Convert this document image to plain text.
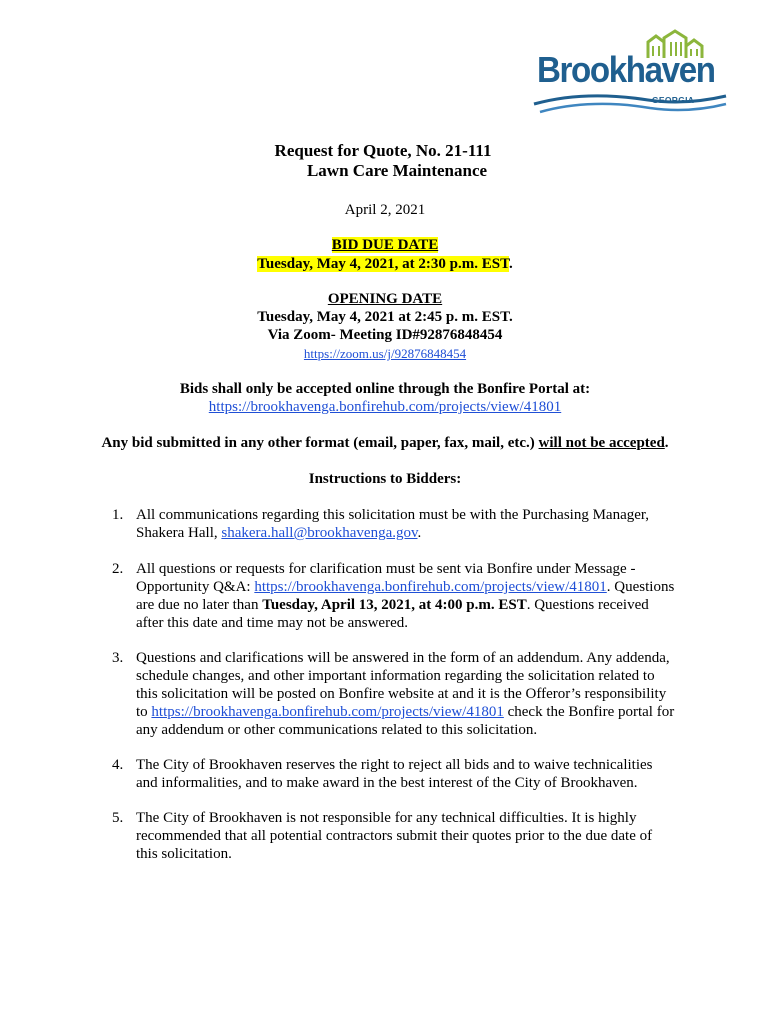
Brookhaven
GEORGIA
Request for Quote, No. 21-111
Lawn Care Maintenance
April 2, 2021
BID DUE DATE
Tuesday, May 4, 2021, at 2:30 p.m. EST.
OPENING DATE
Tuesday, May 4, 2021 at 2:45 p. m. EST.
Via Zoom- Meeting ID#92876848454
https://zoom.us/j/92876848454
Bids shall only be accepted online through the Bonfire Portal at:
https://brookhavenga.bonfirehub.com/projects/view/41801
Any bid submitted in any other format (email, paper, fax, mail, etc.) will not be accepted.
Instructions to Bidders:
1. All communications regarding this solicitation must be with the Purchasing Manager,
Shakera Hall, shakera.hall@brookhavenga.gov.
2. All questions or requests for clarification must be sent via Bonfire under Message -
Opportunity Q&A: https://brookhavenga.bonfirehub.com/projects/view/41801. Questions
are due no later than Tuesday, April 13, 2021, at 4:00 p.m. EST. Questions received
after this date and time may not be answered.
3. Questions and clarifications will be answered in the form of an addendum. Any addenda,
schedule changes, and other important information regarding the solicitation related to
this solicitation will be posted on Bonfire website at and it is the Offeror’s responsibility
to https://brookhavenga.bonfirehub.com/projects/view/41801 check the Bonfire portal for
any addendum or other communications related to this solicitation.
4. The City of Brookhaven reserves the right to reject all bids and to waive technicalities
and informalities, and to make award in the best interest of the City of Brookhaven.
5. The City of Brookhaven is not responsible for any technical difficulties. It is highly
recommended that all potential contractors submit their quotes prior to the due date of
this solicitation.
